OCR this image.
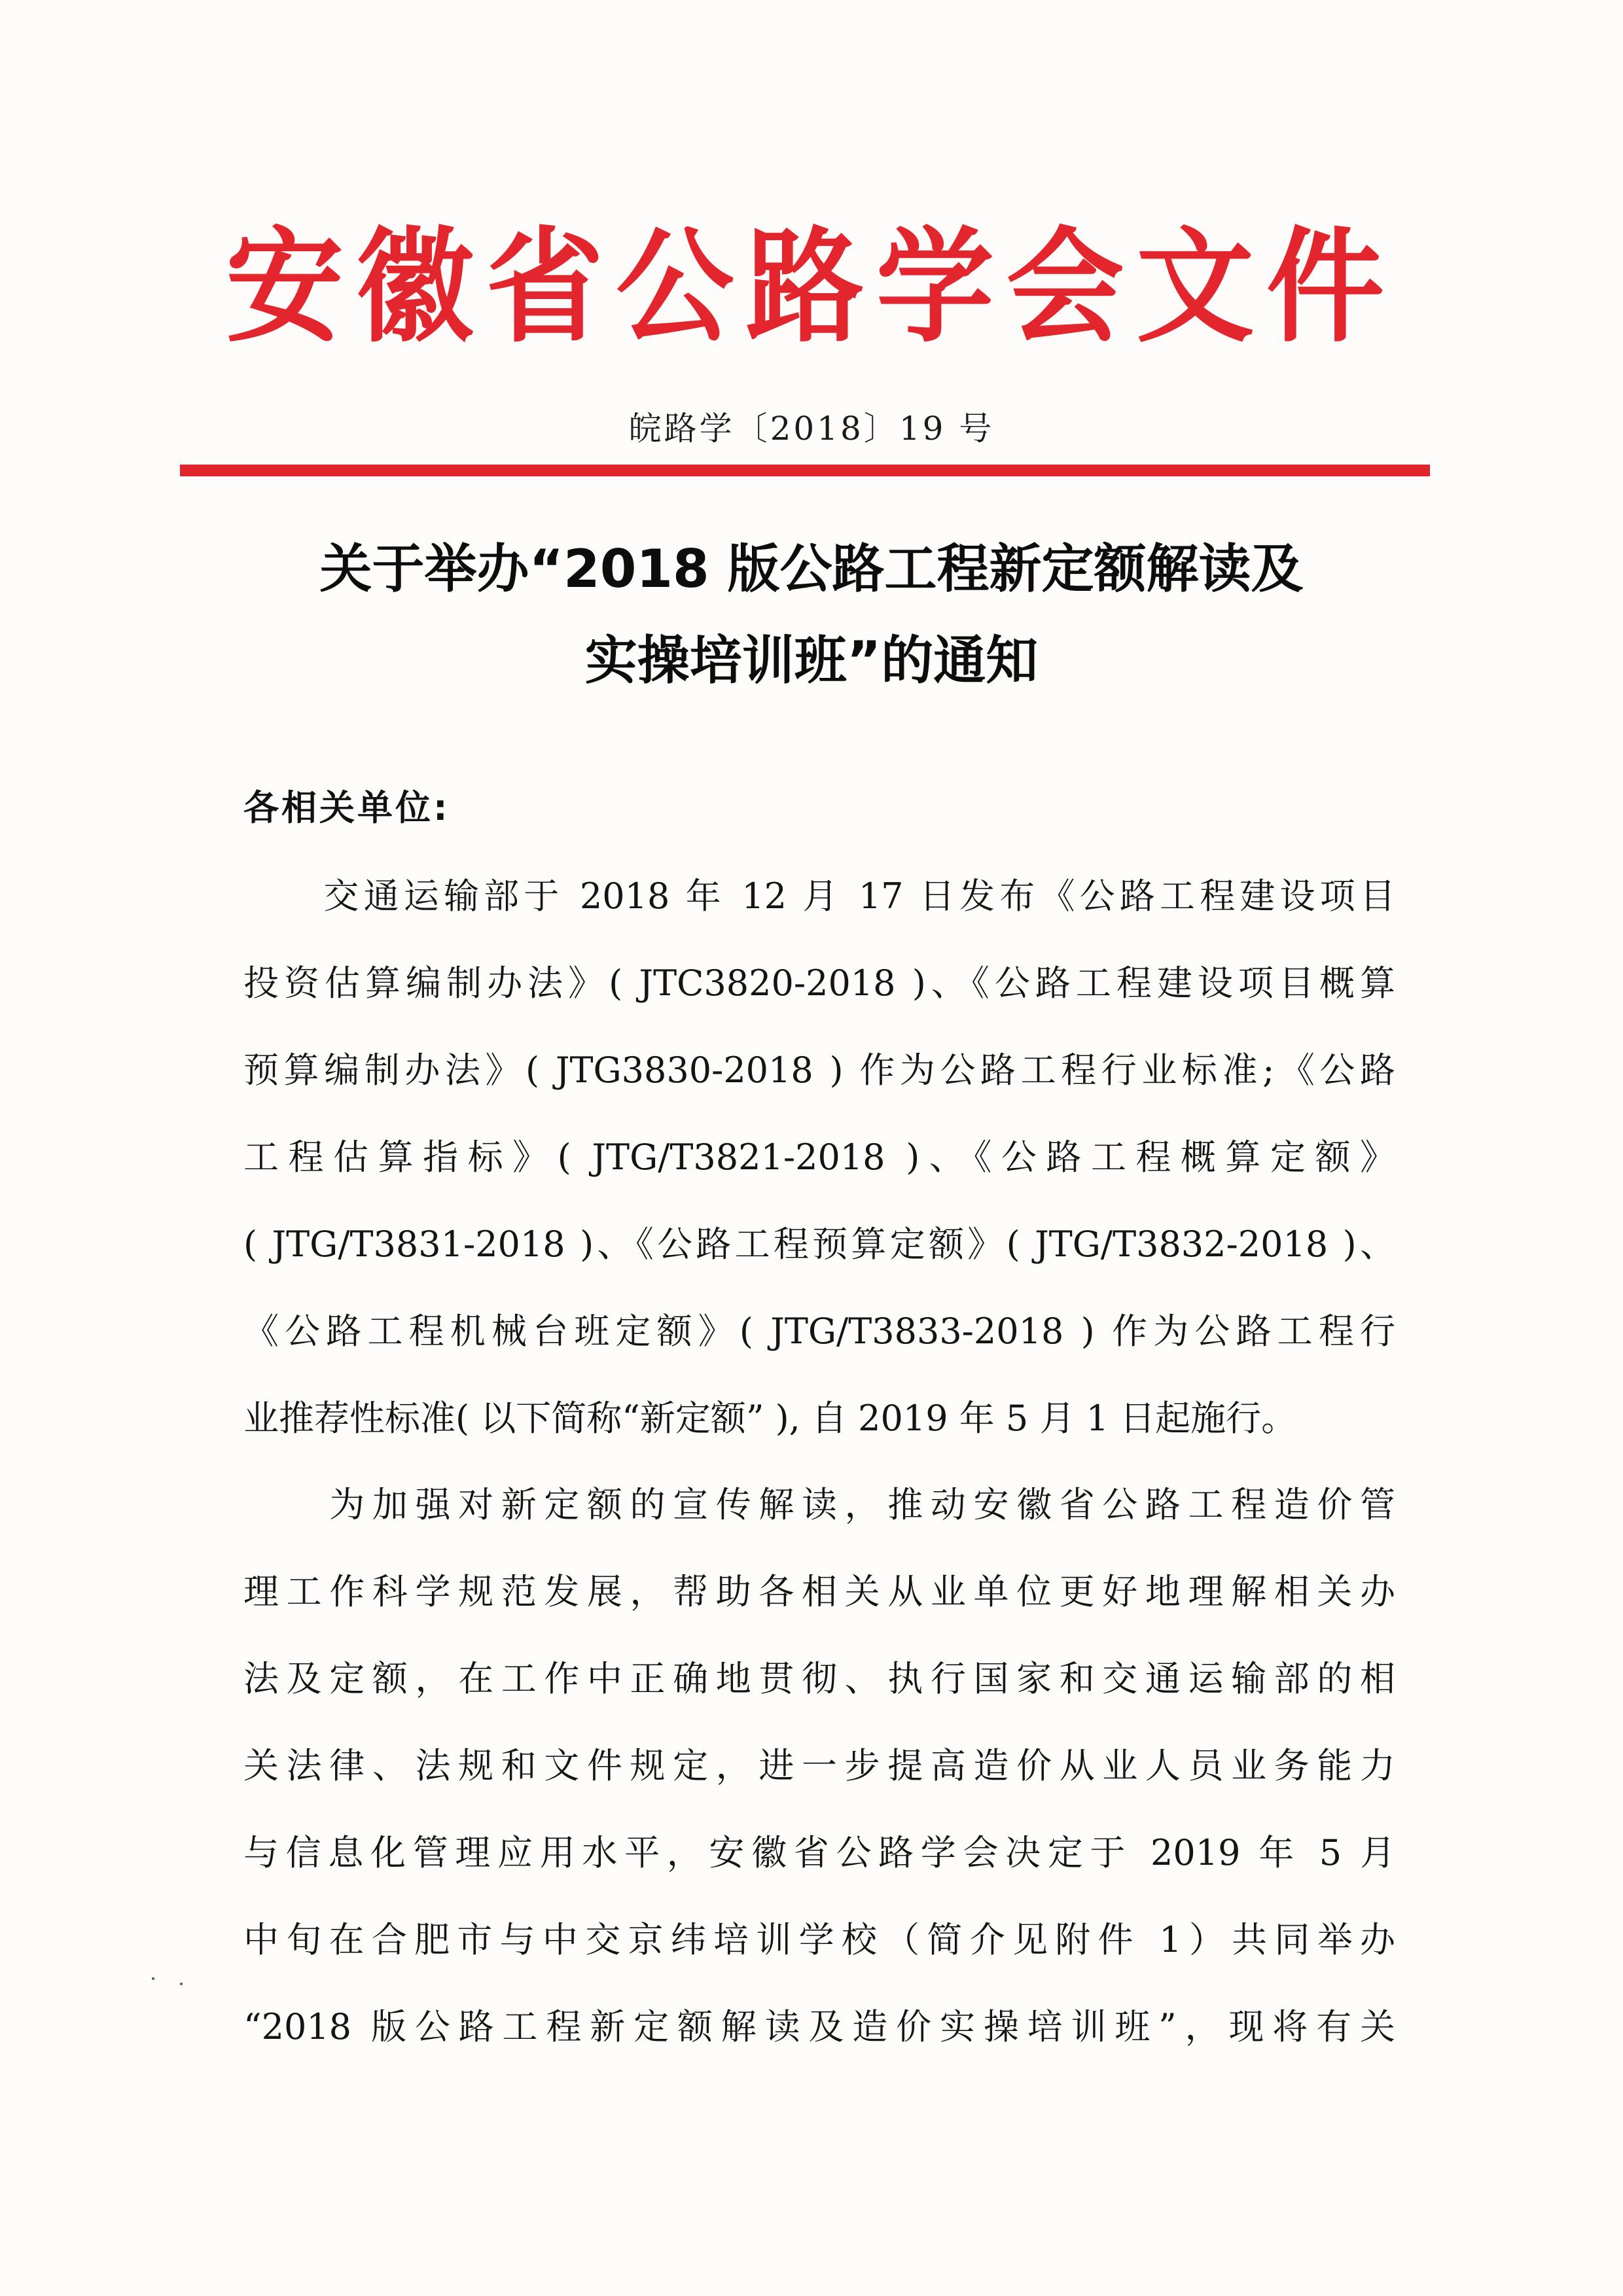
安 徽 省 公 路 学 会 文 件
皖路学〔2018〕19 号
关于举办“2018 版公路工程新定额解读及
实操培训班”的通知
各相关单位:
　　交通运输部于 2018 年 12 月 17 日发布《公路工程建设项目
投资估算编制办法》( JTC3820-2018 )、《公路工程建设项目概算
预算编制办法》( JTG3830-2018 ) 作为公路工程行业标准;《公路
工程估算指标》( JTG/T3821-2018 )、《公路工程概算定额》
( JTG/T3831-2018 )、《公路工程预算定额》( JTG/T3832-2018 )、
《公路工程机械台班定额》( JTG/T3833-2018 ) 作为公路工程行
业推荐性标准( 以下简称“新定额” ), 自 2019 年 5 月 1 日起施行。
　　为加强对新定额的宣传解读，推动安徽省公路工程造价管
理工作科学规范发展，帮助各相关从业单位更好地理解相关办
法及定额，在工作中正确地贯彻、执行国家和交通运输部的相
关法律、法规和文件规定，进一步提高造价从业人员业务能力
与信息化管理应用水平，安徽省公路学会决定于 2019 年 5 月
中旬在合肥市与中交京纬培训学校（简介见附件 1）共同举办
“2018 版公路工程新定额解读及造价实操培训班”，现将有关
